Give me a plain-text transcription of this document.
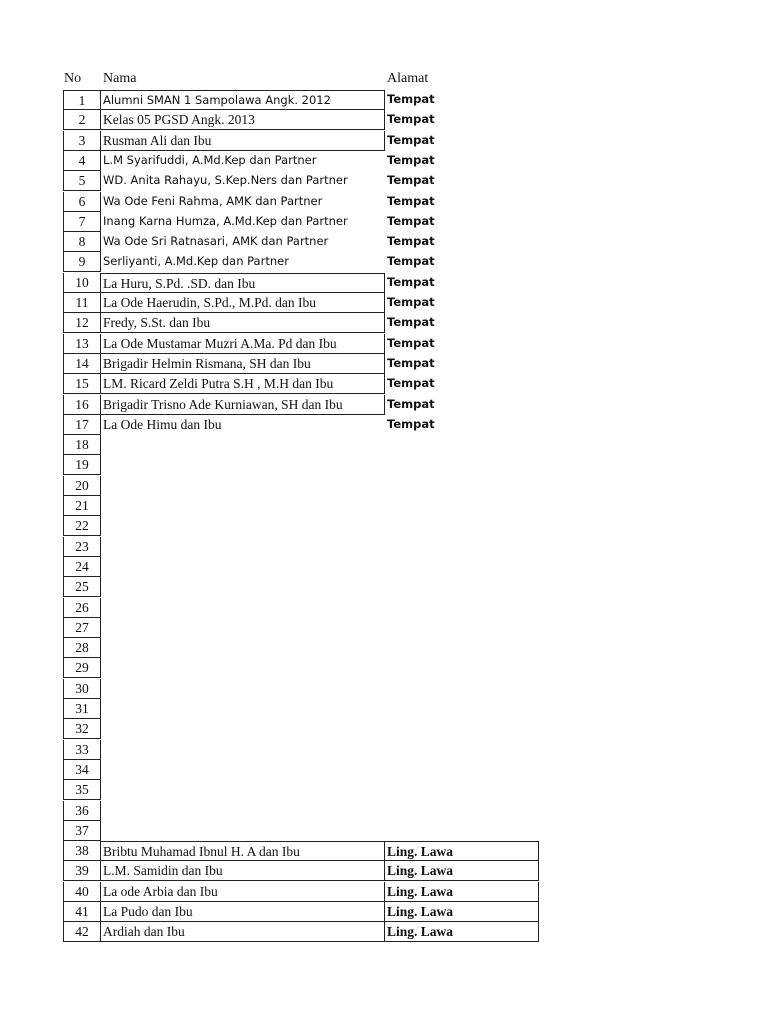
No Nama	Alamat
1	Alumni SMAN 1 Sampolawa Angk. 2012	Tempat
2	Kelas 05 PGSD Angk. 2013	Tempat
3	Rusman Ali dan Ibu	Tempat
4	L.M Syarifuddi, A.Md.Kep dan Partner	Tempat
5	WD. Anita Rahayu, S.Kep.Ners dan Partner	Tempat
6	Wa Ode Feni Rahma, AMK dan Partner	Tempat
7	Inang Karna Humza, A.Md.Kep dan Partner	Tempat
8	Wa Ode Sri Ratnasari, AMK dan Partner	Tempat
9	Serliyanti, A.Md.Kep dan Partner	Tempat
10	La Huru, S.Pd. .SD. dan Ibu	Tempat
11	La Ode Haerudin, S.Pd., M.Pd. dan Ibu	Tempat
12	Fredy, S.St. dan Ibu	Tempat
13	La Ode Mustamar Muzri A.Ma. Pd dan Ibu	Tempat
14	Brigadir Helmin Rismana, SH dan Ibu	Tempat
15	LM. Ricard Zeldi Putra S.H , M.H dan Ibu	Tempat
16	Brigadir Trisno Ade Kurniawan, SH dan Ibu	Tempat
17	La Ode Himu dan Ibu	Tempat
18
19
20
21
22
23
24
25
26
27
28
29
30
31
32
33
34
35
36
37
38	Bribtu Muhamad Ibnul H. A dan Ibu	Ling. Lawa
39	L.M. Samidin dan Ibu	Ling. Lawa
40	La ode Arbia dan Ibu	Ling. Lawa
41	La Pudo dan Ibu	Ling. Lawa
42	Ardiah dan Ibu	Ling. Lawa
